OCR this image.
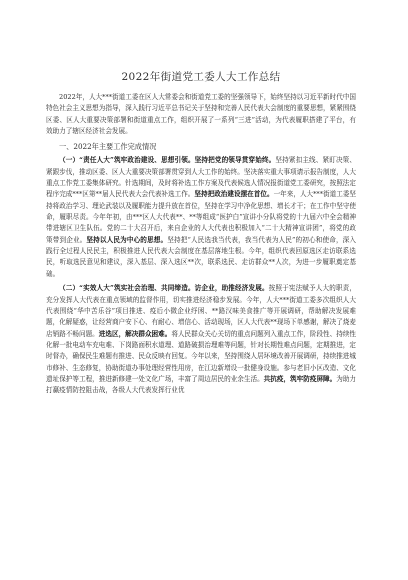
2022年街道党工委人大工作总结

2022年，人大***街道工委在区人大常委会和街道党工委的坚强领导下，始终坚持以习近平新时代中国特色社会主义思想为指导，深入践行习近平总书记关于坚持和完善人民代表大会制度的重要思想，紧紧围绕区委、区人大重要决策部署和街道重点工作，组织开展了一系列“三进”活动，为代表履职搭建了平台，有效助力了辖区经济社会发展。

一、2022年主要工作完成情况

（一）“责任人大”筑牢政治建设、思想引领。坚持把党的领导贯穿始终。坚持紧扣主线、紧盯决策、紧跟步伐，推动区委、区人大重要决策部署贯穿到人大工作的始终。坚决落实重大事项请示报告制度，人大重点工作党工委集体研究。针选期间，及时将补选工作方案及代表候选人情况报街道党工委研究，按照法定程序完成***区第**届人民代表大会代表补选工作。坚持把政治建设摆在首位。一年来，人大***街道工委坚持将政治学习、理论武装以及履职能力提升放在首位，坚持在学习中净化思想、增长才干；在工作中坚守使命，履职尽责。今年年初，由***区人大代表**、**等组成“医护白”宣讲小分队将党的十九届六中全会精神带进辖区卫生队伍。党的二十大召开后，来自企业的人大代表也积极加入“二十大精神宣讲团”，将党的政策带到企业。坚持以人民为中心的思想。坚持把“人民选我当代表，我当代表为人民”的初心和使命，深入践行全过程人民民主，积极推进人民代表大会制度在基层落地生根。今年，组织代表回原选区走访联系选民，听取选民意见和建议，深入基层、深入选区**次，联系选民、走访群众**人次，为进一步履职奠定基础。

（二）“实效人大”筑实社会治理、共同缔造。访企业，助推经济发展。按照于宪法赋予人大的职责，充分发挥人大代表在重点领域的监督作用，切实推进经济稳步发展。今年，人大***街道工委多次组织人大代表围绕“华中苦乐谷”项目推进、疫后小微企业纾困、**路汉味美食推广等开展调研，帮助解决发展难题，化解疑惑，让经营商户安下心、有耐心、增信心、活动现场，区人大代表**现场下单感谢，解决了烧麦店销路不畅问题。进选区，解决群众困难。将人民群众关心关切的重点问题列入重点工作，阶段性、持续性化解一批电动车充电难、下岗路面积水道理、道路破损治理难等问题，针对长期性难点问题，定期推进，定时督办，确保民生难题有推进、民众反映有回复。今年以来，坚持围绕人居环境改善开展调研，持续推进城市修补、生态修复，协助街道办事处理经营性用房，在江边新增设一批健身设施。参与老旧小区改造、文化遗址保护等工程，推进新修建一处文化广场，丰富了周边居民的业余生活。共抗疫，筑牢防疫屏障。为助力打赢疫情防控阻击战，各级人大代表发挥行业优
